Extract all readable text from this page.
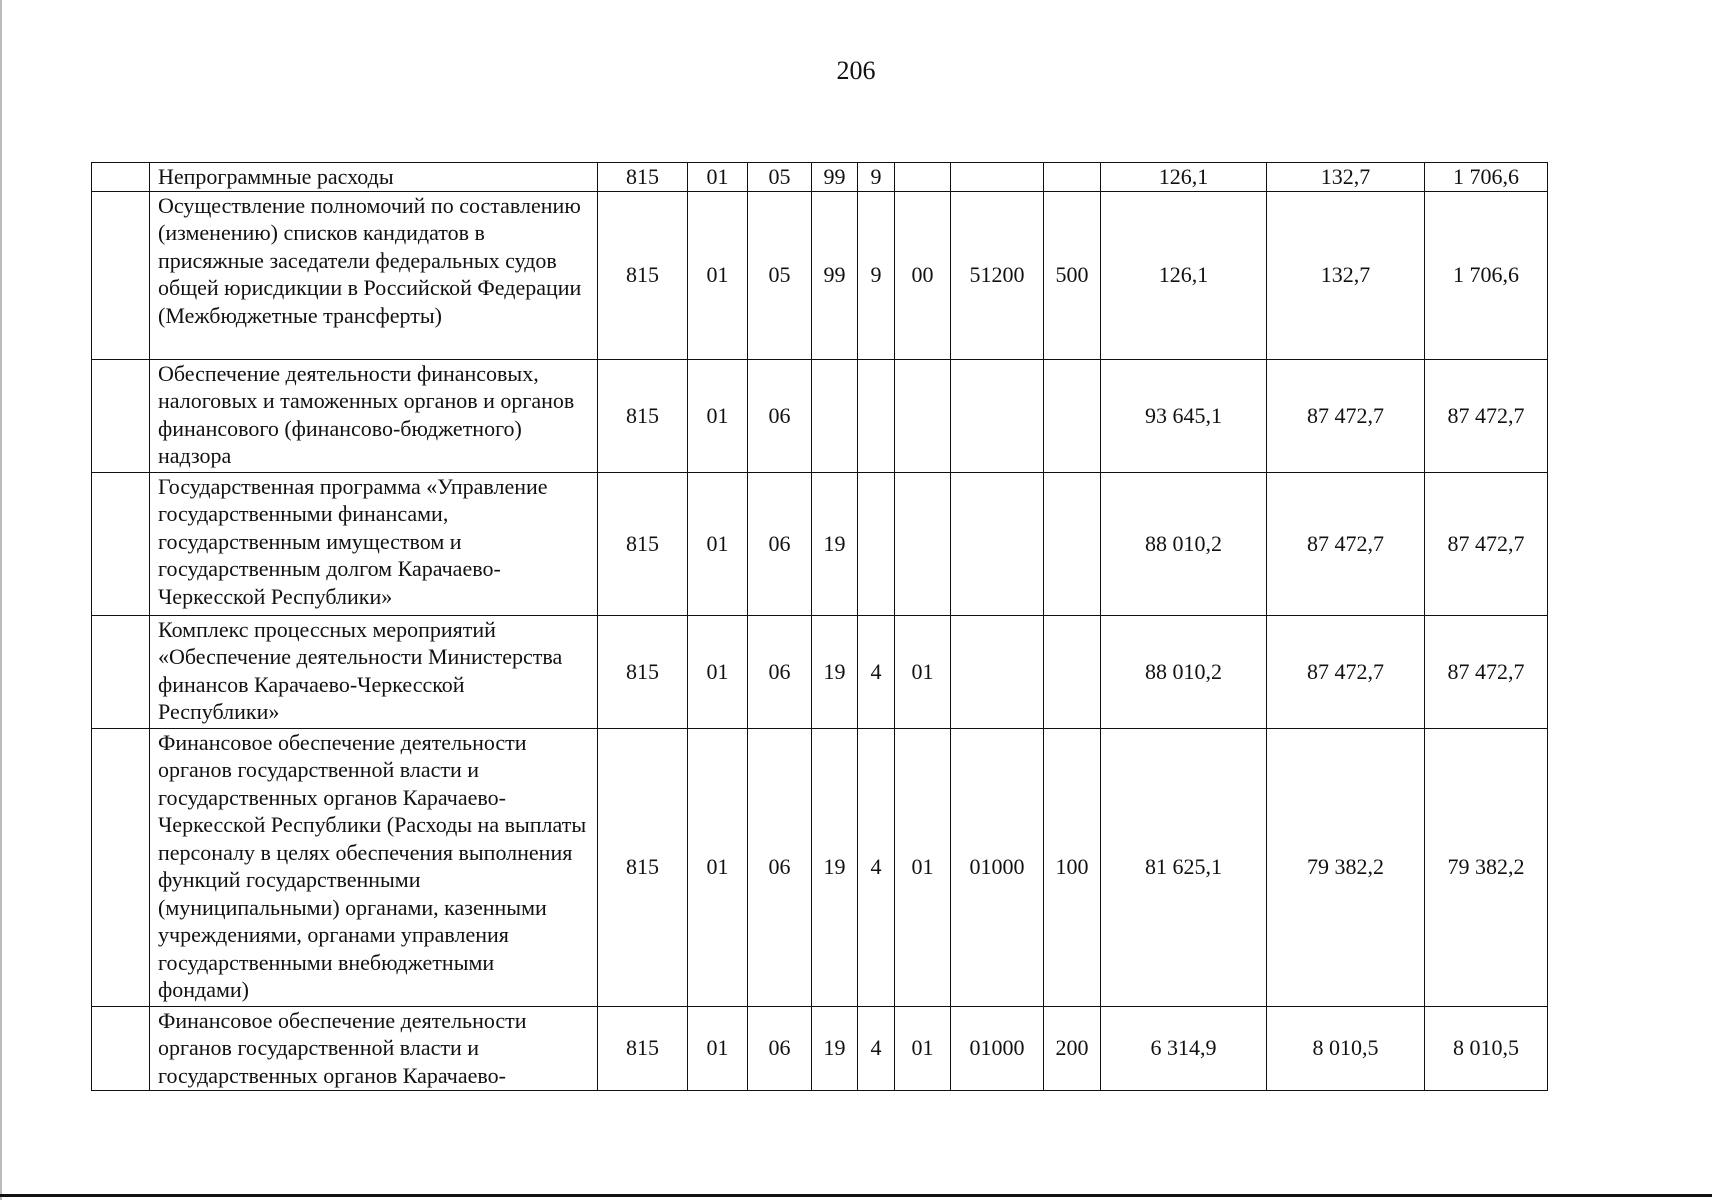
206
	Непрограммные расходы	815	01	05	99	9				126,1	132,7	1 706,6
	Осуществление полномочий по составлению (изменению) списков кандидатов в присяжные заседатели федеральных судов общей юрисдикции в Российской Федерации (Межбюджетные трансферты)	815	01	05	99	9	00	51200	500	126,1	132,7	1 706,6
	Обеспечение деятельности финансовых, налоговых и таможенных органов и органов финансового (финансово-бюджетного) надзора	815	01	06						93 645,1	87 472,7	87 472,7
	Государственная программа «Управление государственными финансами, государственным имуществом и государственным долгом Карачаево-Черкесской Республики»	815	01	06	19					88 010,2	87 472,7	87 472,7
	Комплекс процессных мероприятий «Обеспечение деятельности Министерства финансов Карачаево-Черкесской Республики»	815	01	06	19	4	01			88 010,2	87 472,7	87 472,7
	Финансовое обеспечение деятельности органов государственной власти и государственных органов Карачаево-Черкесской Республики (Расходы на выплаты персоналу в целях обеспечения выполнения функций государственными (муниципальными) органами, казенными учреждениями, органами управления государственными внебюджетными фондами)	815	01	06	19	4	01	01000	100	81 625,1	79 382,2	79 382,2
	Финансовое обеспечение деятельности органов государственной власти и государственных органов Карачаево-	815	01	06	19	4	01	01000	200	6 314,9	8 010,5	8 010,5
